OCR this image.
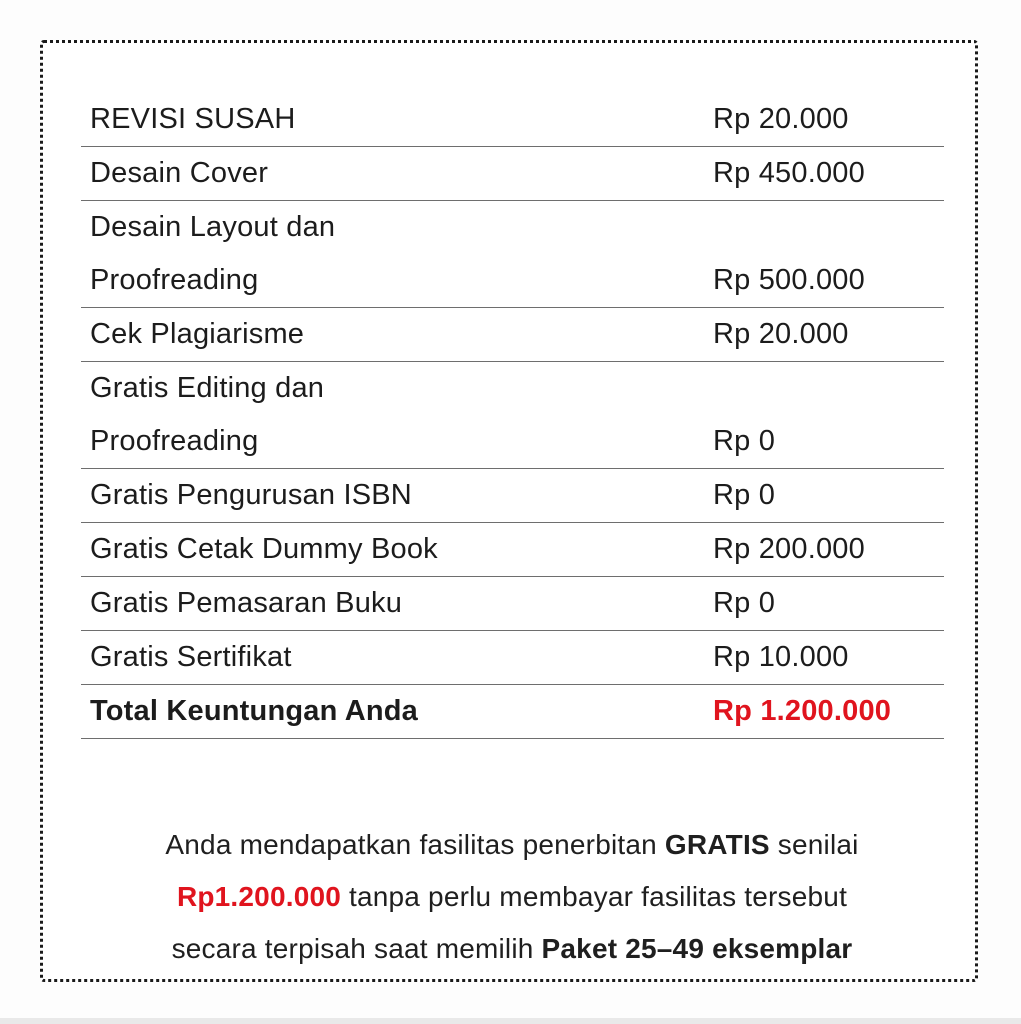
REVISI SUSAH	Rp 20.000
Desain Cover	Rp 450.000
Desain Layout dan
Proofreading	Rp 500.000
Cek Plagiarisme	Rp 20.000
Gratis Editing dan
Proofreading	Rp 0
Gratis Pengurusan ISBN	Rp 0
Gratis Cetak Dummy Book	Rp 200.000
Gratis Pemasaran Buku	Rp 0
Gratis Sertifikat	Rp 10.000
Total Keuntungan Anda	Rp 1.200.000
Anda mendapatkan fasilitas penerbitan GRATIS senilai
Rp1.200.000 tanpa perlu membayar fasilitas tersebut
secara terpisah saat memilih Paket 25–49 eksemplar
